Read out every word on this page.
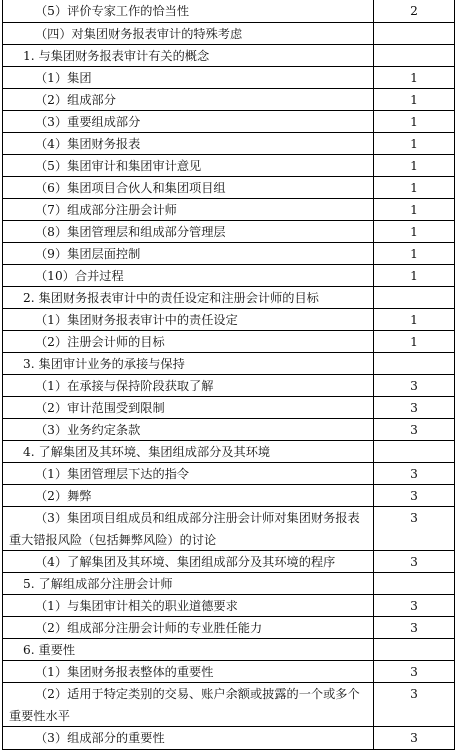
（5）评价专家工作的恰当性	2
（四）对集团财务报表审计的特殊考虑
1. 与集团财务报表审计有关的概念
（1）集团	1
（2）组成部分	1
（3）重要组成部分	1
（4）集团财务报表	1
（5）集团审计和集团审计意见	1
（6）集团项目合伙人和集团项目组	1
（7）组成部分注册会计师	1
（8）集团管理层和组成部分管理层	1
（9）集团层面控制	1
（10）合并过程	1
2. 集团财务报表审计中的责任设定和注册会计师的目标
（1）集团财务报表审计中的责任设定	1
（2）注册会计师的目标	1
3. 集团审计业务的承接与保持
（1）在承接与保持阶段获取了解	3
（2）审计范围受到限制	3
（3）业务约定条款	3
4. 了解集团及其环境、集团组成部分及其环境
（1）集团管理层下达的指令	3
（2）舞弊	3
（3）集团项目组成员和组成部分注册会计师对集团财务报表重大错报风险（包括舞弊风险）的讨论
3
（4）了解集团及其环境、集团组成部分及其环境的程序	3
5. 了解组成部分注册会计师
（1）与集团审计相关的职业道德要求	3
（2）组成部分注册会计师的专业胜任能力	3
6. 重要性
（1）集团财务报表整体的重要性	3
（2）适用于特定类别的交易、账户余额或披露的一个或多个重要性水平
3
（3）组成部分的重要性	3
